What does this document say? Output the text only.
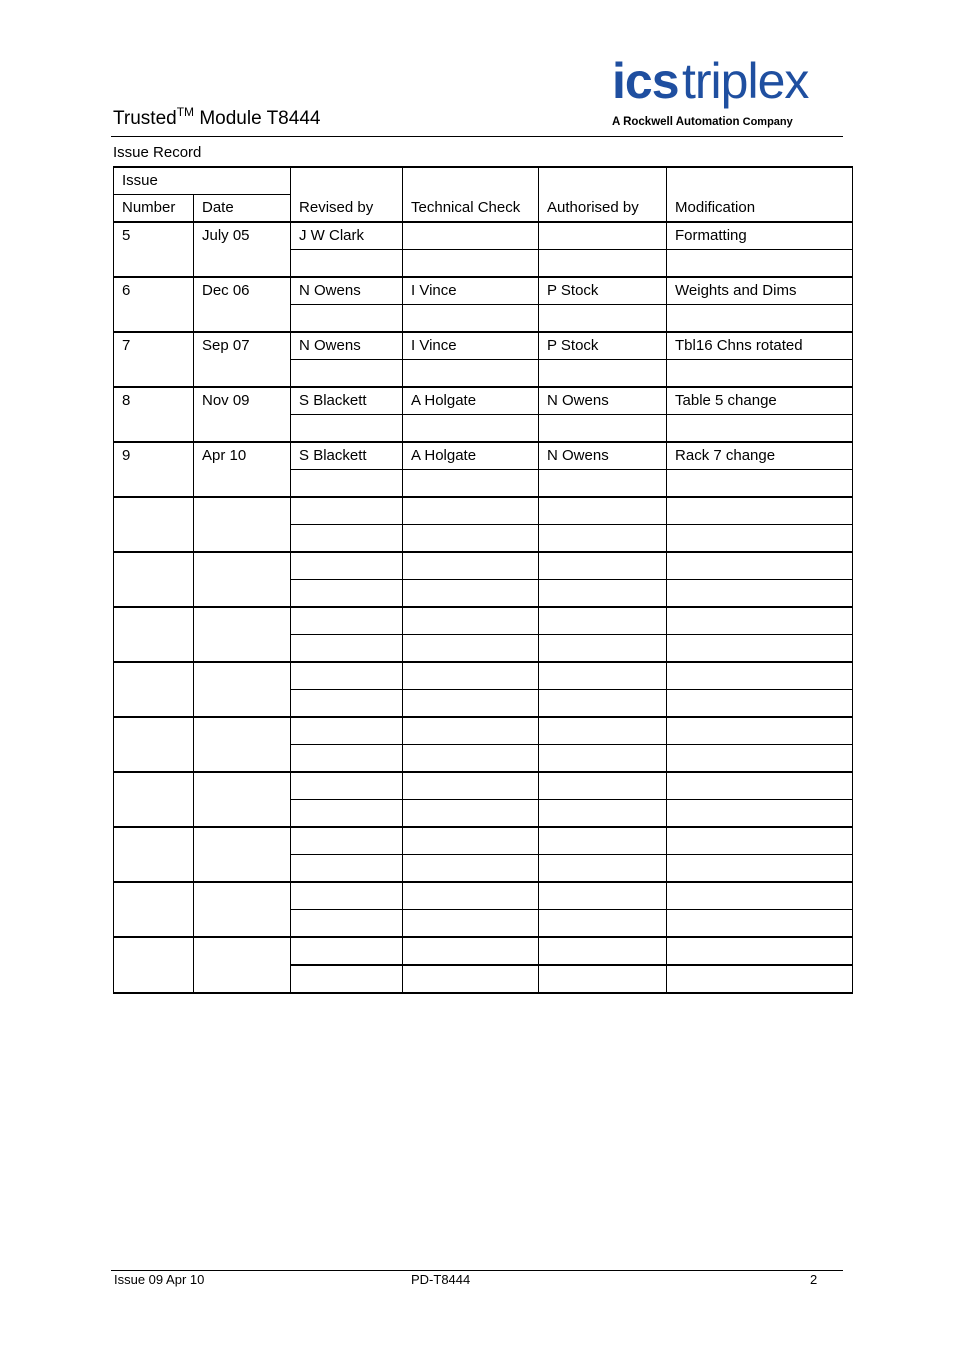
Trusted™ Module T8444
ics triplex
A Rockwell Automation Company
Issue Record
Issue		Revised by	Technical Check	Authorised by	Modification
Number	Date				
5	July 05	J W Clark			Formatting

6	Dec 06	N Owens	I Vince	P Stock	Weights and Dims

7	Sep 07	N Owens	I Vince	P Stock	Tbl16 Chns rotated

8	Nov 09	S Blackett	A Holgate	N Owens	Table 5 change

9	Apr 10	S Blackett	A Holgate	N Owens	Rack 7 change

Issue 09 Apr 10	PD-T8444	2
